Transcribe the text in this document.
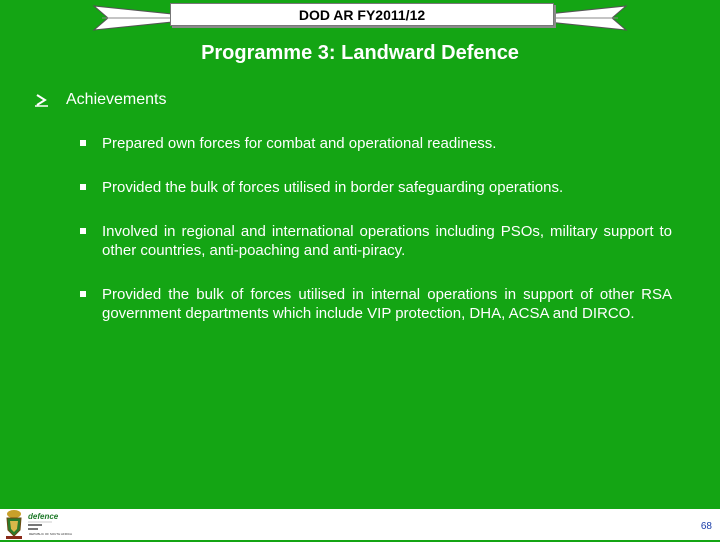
DOD AR FY2011/12
Programme 3: Landward Defence
Achievements
Prepared own forces for combat and operational readiness.
Provided the bulk of forces utilised in border safeguarding operations.
Involved in regional and international operations including PSOs, military support to other countries, anti-poaching and anti-piracy.
Provided the bulk of forces utilised in internal operations in support of other RSA government departments which include VIP protection, DHA, ACSA and DIRCO.
defence
REPUBLIC OF SOUTH AFRICA
68
